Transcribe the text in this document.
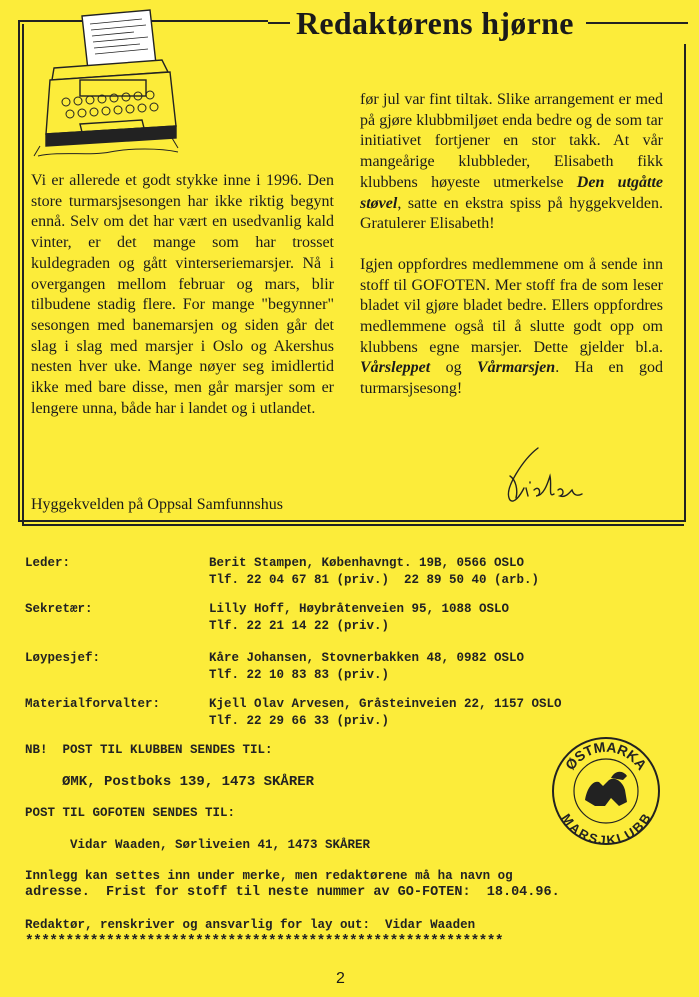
Redaktørens hjørne

Vi er allerede et godt stykke inne i 1996. Den store turmarsjsesongen har ikke riktig begynt ennå. Selv om det har vært en usedvanlig kald vinter, er det mange som har trosset kuldegraden og gått vinterseriemarsjer. Nå i overgangen mellom februar og mars, blir tilbudene stadig flere. For mange "begynner" sesongen med banemarsjen og siden går det slag i slag med marsjer i Oslo og Akershus nesten hver uke. Mange nøyer seg imidlertid ikke med bare disse, men går marsjer som er lengere unna, både har i landet og i utlandet.

Hyggekvelden på Oppsal Samfunnshus

før jul var fint tiltak. Slike arrangement er med på gjøre klubbmiljøet enda bedre og de som tar initiativet fortjener en stor takk. At vår mangeårige klubbleder, Elisabeth fikk klubbens høyeste utmerkelse Den utgåtte støvel, satte en ekstra spiss på hyggekvelden. Gratulerer Elisabeth!

Igjen oppfordres medlemmene om å sende inn stoff til GOFOTEN. Mer stoff fra de som leser bladet vil gjøre bladet bedre. Ellers oppfordres medlemmene også til å slutte godt opp om klubbens egne marsjer. Dette gjelder bl.a. Vårsleppet og Vårmarsjen. Ha en god turmarsjsesong!

Vidar

Leder:

	Berit Stampen, Københavngt. 19B, 0566 OSLO

Tlf. 22 04 67 81 (priv.)  22 89 50 40 (arb.)

Sekretær:

	Lilly Hoff, Høybråtenveien 95, 1088 OSLO

Tlf. 22 21 14 22 (priv.)

Løypesjef:

	Kåre Johansen, Stovnerbakken 48, 0982 OSLO

Tlf. 22 10 83 83 (priv.)

Materialforvalter:

	Kjell Olav Arvesen, Gråsteinveien 22, 1157 OSLO

Tlf. 22 29 66 33 (priv.)

NB!  POST TIL KLUBBEN SENDES TIL:
ØMK, Postboks 139, 1473 SKÅRER
POST TIL GOFOTEN SENDES TIL:
Vidar Waaden, Sørliveien 41, 1473 SKÅRER
ØSTMARKA
MARSJKLUBB
Innlegg kan settes inn under merke, men redaktørene må ha navn og
adresse.  Frist for stoff til neste nummer av GO-FOTEN:  18.04.96.
Redaktør, renskriver og ansvarlig for lay out:  Vidar Waaden
***********************************************************
2
